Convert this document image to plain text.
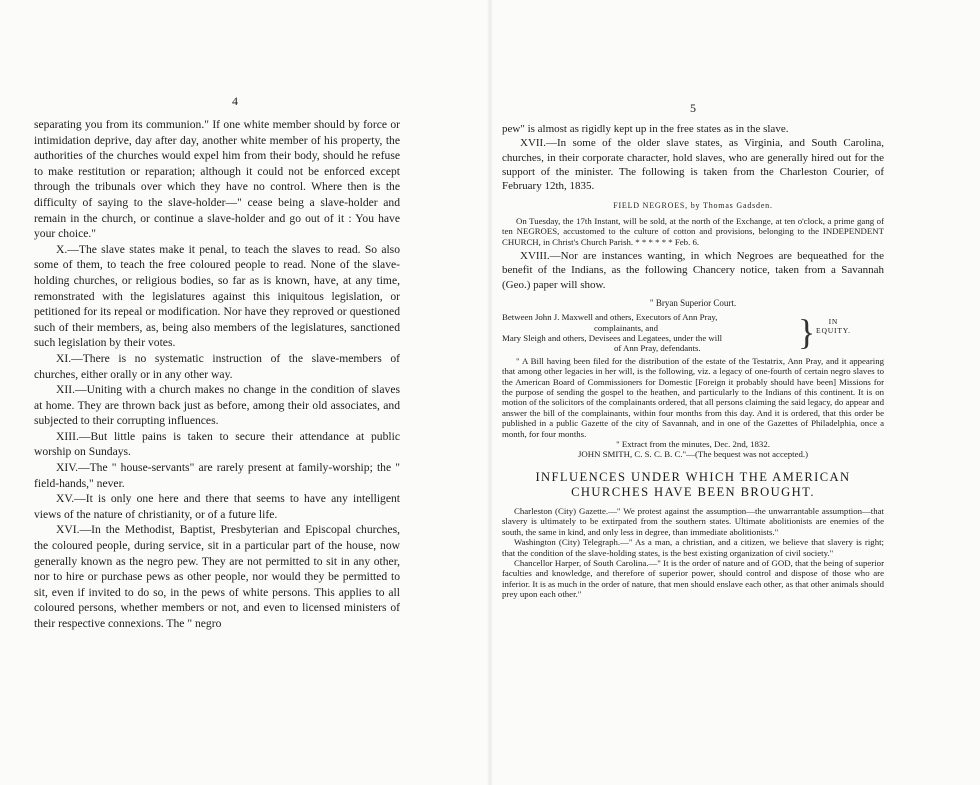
4

separating you from its communion." If one white member should by force or intimidation deprive, day after day, another white member of his property, the authorities of the churches would expel him from their body, should he refuse to make restitution or reparation; although it could not be enforced except through the tribunals over which they have no control. Where then is the difficulty of saying to the slave-holder—" cease being a slave-holder and remain in the church, or continue a slave-holder and go out of it : You have your choice."

X.—The slave states make it penal, to teach the slaves to read. So also some of them, to teach the free coloured people to read. None of the slave-holding churches, or religious bodies, so far as is known, have, at any time, remonstrated with the legislatures against this iniquitous legislation, or petitioned for its repeal or modification. Nor have they reproved or questioned such of their members, as, being also members of the legislatures, sanctioned such legislation by their votes.

XI.—There is no systematic instruction of the slave-members of churches, either orally or in any other way.

XII.—Uniting with a church makes no change in the condition of slaves at home. They are thrown back just as before, among their old associates, and subjected to their corrupting influences.

XIII.—But little pains is taken to secure their attendance at public worship on Sundays.

XIV.—The " house-servants" are rarely present at family-worship; the " field-hands," never.

XV.—It is only one here and there that seems to have any intelligent views of the nature of christianity, or of a future life.

XVI.—In the Methodist, Baptist, Presbyterian and Episcopal churches, the coloured people, during service, sit in a particular part of the house, now generally known as the negro pew. They are not permitted to sit in any other, nor to hire or purchase pews as other people, nor would they be permitted to sit, even if invited to do so, in the pews of white persons. This applies to all coloured persons, whether members or not, and even to licensed ministers of their respective connexions. The " negro

5

pew" is almost as rigidly kept up in the free states as in the slave.

XVII.—In some of the older slave states, as Virginia, and South Carolina, churches, in their corporate character, hold slaves, who are generally hired out for the support of the minister. The following is taken from the Charleston Courier, of February 12th, 1835.

FIELD NEGROES, by Thomas Gadsden.

On Tuesday, the 17th Instant, will be sold, at the north of the Exchange, at ten o'clock, a prime gang of ten NEGROES, accustomed to the culture of cotton and provisions, belonging to the INDEPENDENT CHURCH, in Christ's Church Parish. * * * * * * Feb. 6.

XVIII.—Nor are instances wanting, in which Negroes are bequeathed for the benefit of the Indians, as the following Chancery notice, taken from a Savannah (Geo.) paper will show.

" Bryan Superior Court.
Between John J. Maxwell and others, Executors of Ann Pray,
complainants, and
Mary Sleigh and others, Devisees and Legatees, under the will
of Ann Pray, defendants.	}	IN
EQUITY.

" A Bill having been filed for the distribution of the estate of the Testatrix, Ann Pray, and it appearing that among other legacies in her will, is the following, viz. a legacy of one-fourth of certain negro slaves to the American Board of Commissioners for Domestic [Foreign it probably should have been] Missions for the purpose of sending the gospel to the heathen, and particularly to the Indians of this continent. It is on motion of the solicitors of the complainants ordered, that all persons claiming the said legacy, do appear and answer the bill of the complainants, within four months from this day. And it is ordered, that this order be published in a public Gazette of the city of Savannah, and in one of the Gazettes of Philadelphia, once a month, for four months.

" Extract from the minutes, Dec. 2nd, 1832.

JOHN SMITH, C. S. C. B. C."—(The bequest was not accepted.)

INFLUENCES UNDER WHICH THE AMERICAN CHURCHES HAVE BEEN BROUGHT.

Charleston (City) Gazette.—" We protest against the assumption—the unwarrantable assumption—that slavery is ultimately to be extirpated from the southern states. Ultimate abolitionists are enemies of the south, the same in kind, and only less in degree, than immediate abolitionists."

Washington (City) Telegraph.—" As a man, a christian, and a citizen, we believe that slavery is right; that the condition of the slave-holding states, is the best existing organization of civil society."

Chancellor Harper, of South Carolina.—" It is the order of nature and of GOD, that the being of superior faculties and knowledge, and therefore of superior power, should control and dispose of those who are inferior. It is as much in the order of nature, that men should enslave each other, as that other animals should prey upon each other."
